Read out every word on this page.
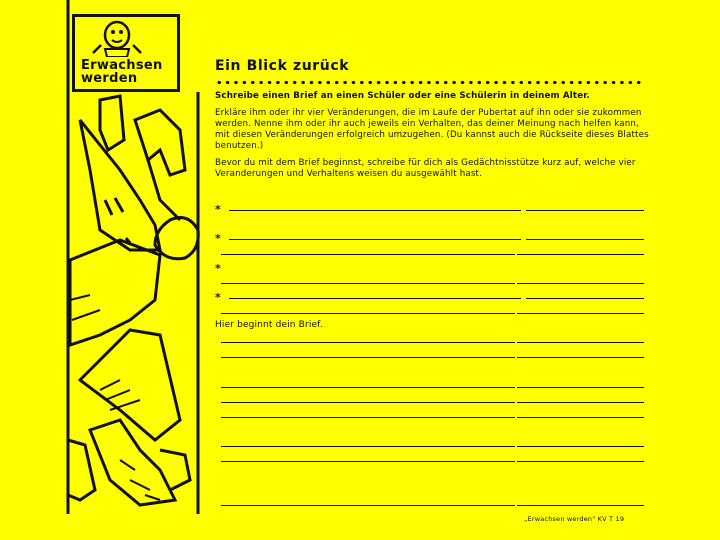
Erwachsen
werden
Ein Blick zurück

Schreibe einen Brief an einen Schüler oder eine Schülerin in deinem Alter.

Erkläre ihm oder ihr vier Veränderungen, die im Laufe der Pubertat auf ihn oder sie zukommen werden. Nenne ihm oder ihr auch jeweils ein Verhalten, das deiner Meinung nach helfen kann, mit diesen Veränderungen erfolgreich umzugehen. (Du kannst auch die Rückseite dieses Blattes benutzen.)

Bevor du mit dem Brief beginnst, schreibe für dich als Gedächtnisstütze kurz auf, welche vier Veranderungen und Verhaltens weisen du ausgewählt hast.

*
*
*
*
Hier beginnt dein Brief.
„Erwachsen werden" KV T 19
